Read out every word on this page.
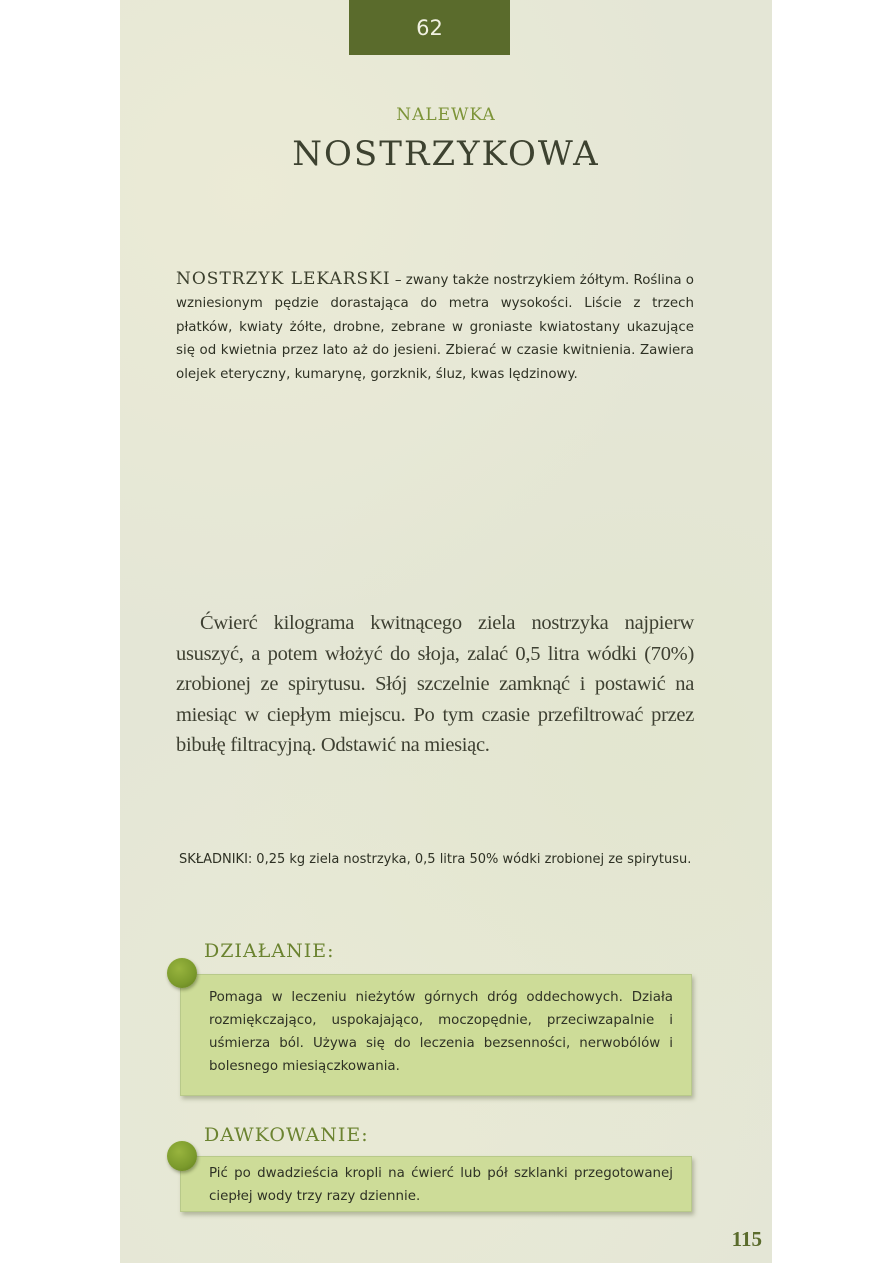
62
NALEWKA
NOSTRZYKOWA
NOSTRZYK LEKARSKI – zwany także nostrzykiem żółtym. Roślina o wzniesionym pędzie dorastająca do metra wysokości. Liście z trzech płatków, kwiaty żółte, drobne, zebrane w groniaste kwiatostany ukazujące się od kwietnia przez lato aż do jesieni. Zbierać w czasie kwitnienia. Zawiera olejek eteryczny, kumarynę, gorzknik, śluz, kwas lędzinowy.
Ćwierć kilograma kwitnącego ziela nostrzyka najpierw ususzyć, a potem włożyć do słoja, zalać 0,5 litra wódki (70%) zrobionej ze spirytusu. Słój szczelnie zamknąć i postawić na miesiąc w ciepłym miejscu. Po tym czasie przefiltrować przez bibułę filtracyjną. Odstawić na miesiąc.
SKŁADNIKI: 0,25 kg ziela nostrzyka, 0,5 litra 50% wódki zrobionej ze spirytusu.
DZIAŁANIE:
Pomaga w leczeniu nieżytów górnych dróg oddechowych. Działa rozmiękczająco, uspokajająco, moczopędnie, przeciwzapalnie i uśmierza ból. Używa się do leczenia bezsenności, nerwobólów i bolesnego miesiączkowania.
DAWKOWANIE:
Pić po dwadzieścia kropli na ćwierć lub pół szklanki przegotowanej ciepłej wody trzy razy dziennie.
115
